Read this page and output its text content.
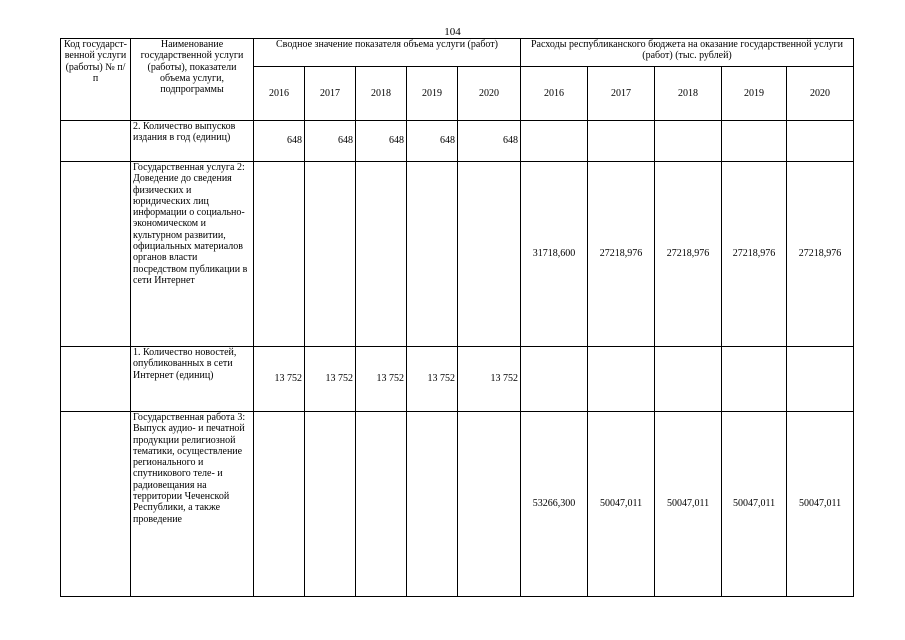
104
Код государст-венной услуги (работы) № п/п	Наименование государственной услуги (работы), показатели объема услуги, подпрограммы	Сводное значение показателя объема услуги (работ)					Расходы республиканского бюджета на оказание государственной услуги (работ) (тыс. рублей)				
		2016	2017	2018	2019	2020	2016	2017	2018	2019	2020
	2. Количество выпусков издания в год (единиц)	648	648	648	648	648					
	Государственная услуга 2: Доведение до сведения физических и юридических лиц информации о социально-экономическом и культурном развитии, официальных материалов органов власти посредством публикации в сети Интернет						31718,600	27218,976	27218,976	27218,976	27218,976
	1. Количество новостей, опубликованных в сети Интернет (единиц)	13 752	13 752	13 752	13 752	13 752					
	Государственная работа 3: Выпуск аудио- и печатной продукции религиозной тематики, осуществление регионального и спутникового теле- и радиовещания на территории Чеченской Республики, а также проведение						53266,300	50047,011	50047,011	50047,011	50047,011
